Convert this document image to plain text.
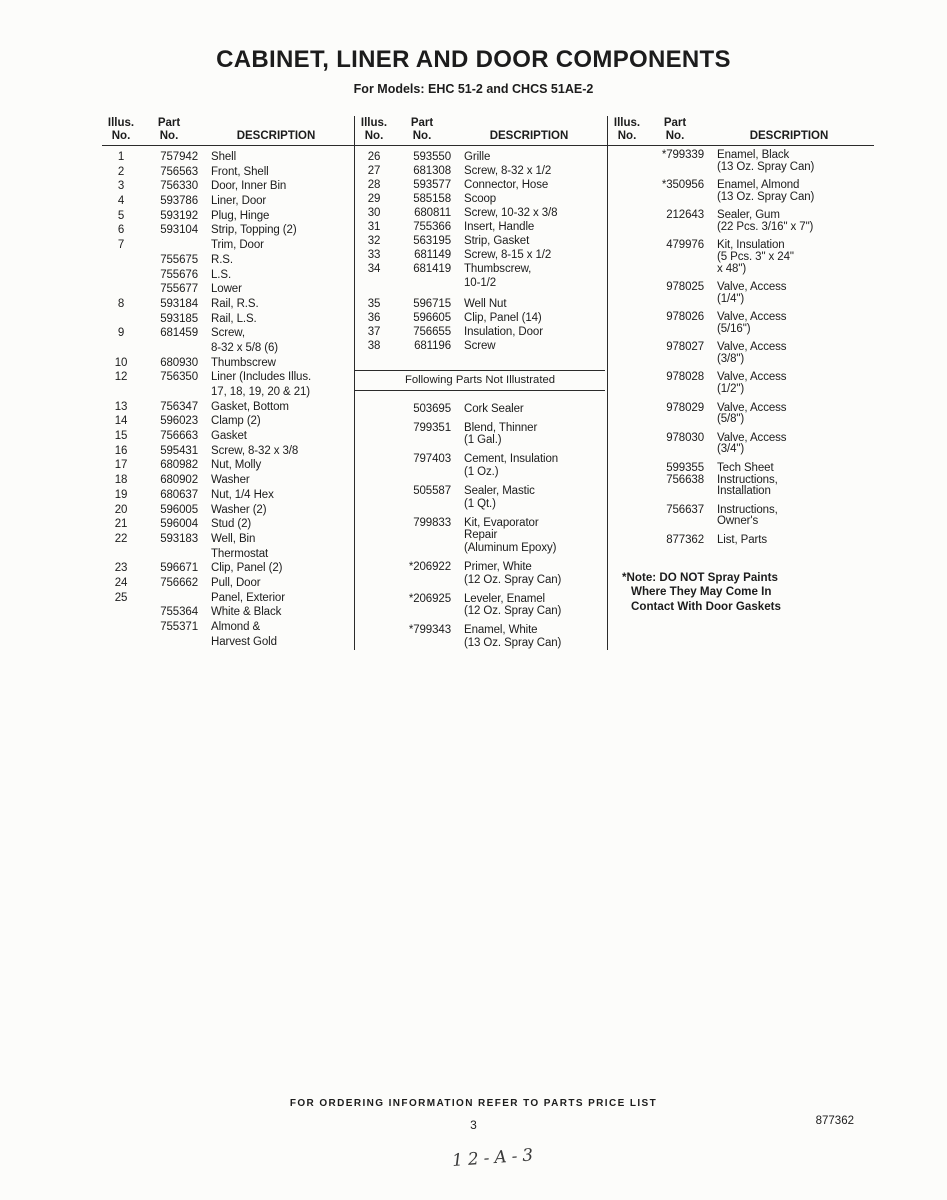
CABINET, LINER AND DOOR COMPONENTS
For Models: EHC 51-2 and CHCS 51AE-2
Illus.	Part
No.	No.	DESCRIPTION
1	757942	Shell
2	756563	Front, Shell
3	756330	Door, Inner Bin
4	593786	Liner, Door
5	593192	Plug, Hinge
6	593104	Strip, Topping (2)
7	Trim, Door
755675	R.S.
755676	L.S.
755677	Lower
8	593184	Rail, R.S.
593185	Rail, L.S.
9	681459	Screw,
8-32 x 5/8 (6)
10	680930	Thumbscrew
12	756350	Liner (Includes Illus.
17, 18, 19, 20 & 21)
13	756347	Gasket, Bottom
14	596023	Clamp (2)
15	756663	Gasket
16	595431	Screw, 8-32 x 3/8
17	680982	Nut, Molly
18	680902	Washer
19	680637	Nut, 1/4 Hex
20	596005	Washer (2)
21	596004	Stud (2)
22	593183	Well, Bin
Thermostat
23	596671	Clip, Panel (2)
24	756662	Pull, Door
25	Panel, Exterior
755364	White & Black
755371	Almond &
Harvest Gold
Illus.	Part
No.	No.	DESCRIPTION
26	593550	Grille
27	681308	Screw, 8-32 x 1/2
28	593577	Connector, Hose
29	585158	Scoop
30	680811	Screw, 10-32 x 3/8
31	755366	Insert, Handle
32	563195	Strip, Gasket
33	681149	Screw, 8-15 x 1/2
34	681419	Thumbscrew,
10-1/2
35	596715	Well Nut
36	596605	Clip, Panel (14)
37	756655	Insulation, Door
38	681196	Screw
Following Parts Not Illustrated
503695	Cork Sealer
799351	Blend, Thinner
(1 Gal.)
797403	Cement, Insulation
(1 Oz.)
505587	Sealer, Mastic
(1 Qt.)
799833	Kit, Evaporator
Repair
(Aluminum Epoxy)
*206922	Primer, White
(12 Oz. Spray Can)
*206925	Leveler, Enamel
(12 Oz. Spray Can)
*799343	Enamel, White
(13 Oz. Spray Can)
Illus.	Part
No.	No.	DESCRIPTION
*799339	Enamel, Black
(13 Oz. Spray Can)
*350956	Enamel, Almond
(13 Oz. Spray Can)
212643	Sealer, Gum
(22 Pcs. 3/16" x 7")
479976	Kit, Insulation
(5 Pcs. 3" x 24"
x 48")
978025	Valve, Access
(1/4")
978026	Valve, Access
(5/16")
978027	Valve, Access
(3/8")
978028	Valve, Access
(1/2")
978029	Valve, Access
(5/8")
978030	Valve, Access
(3/4")
599355	Tech Sheet
756638	Instructions,
Installation
756637	Instructions,
Owner's
877362	List, Parts
*Note: DO NOT Spray Paints
Where They May Come In
Contact With Door Gaskets
FOR ORDERING INFORMATION REFER TO PARTS PRICE LIST
3	877362
12-A-3
